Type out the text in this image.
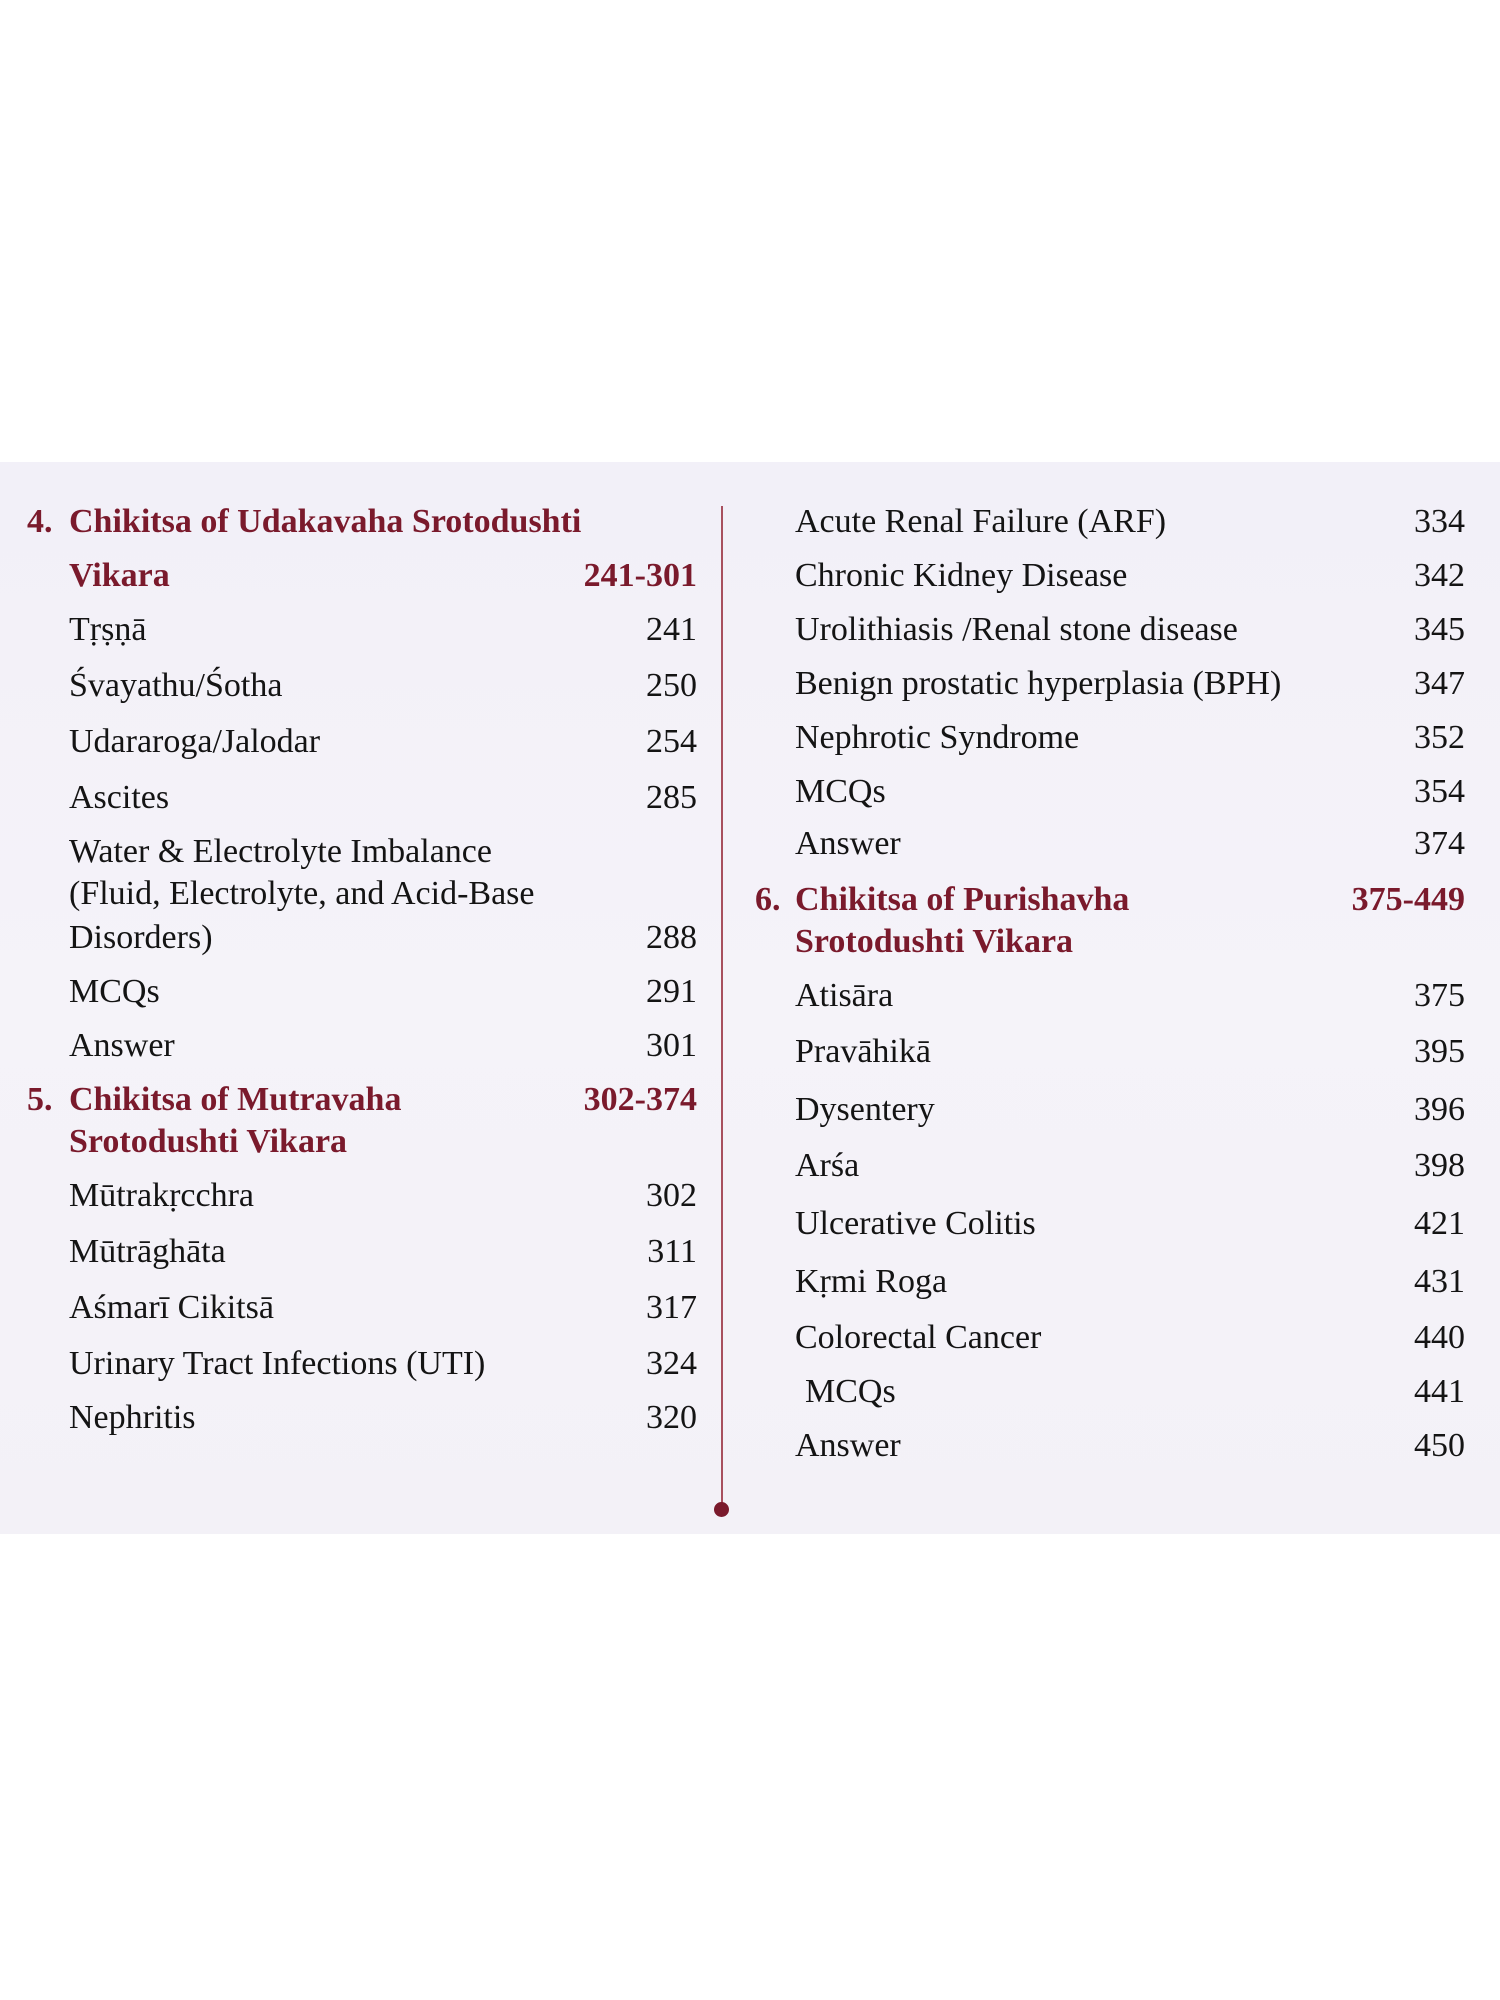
4. Chikitsa of Udakavaha Srotodushti
Vikara	241-301
Tṛṣṇā	241
Śvayathu/Śotha	250
Udararoga/Jalodar	254
Ascites	285
Water & Electrolyte Imbalance
(Fluid, Electrolyte, and Acid-Base
Disorders)	288
MCQs	291
Answer	301
5. Chikitsa of Mutravaha	302-374
Srotodushti Vikara
Mūtrakṛcchra	302
Mūtrāghāta	311
Aśmarī Cikitsā	317
Urinary Tract Infections (UTI)	324
Nephritis	320
Acute Renal Failure (ARF)	334
Chronic Kidney Disease	342
Urolithiasis /Renal stone disease	345
Benign prostatic hyperplasia (BPH)	347
Nephrotic Syndrome	352
MCQs	354
Answer	374
6. Chikitsa of Purishavha	375-449
Srotodushti Vikara
Atisāra	375
Pravāhikā	395
Dysentery	396
Arśa	398
Ulcerative Colitis	421
Kṛmi Roga	431
Colorectal Cancer	440
MCQs	441
Answer	450
